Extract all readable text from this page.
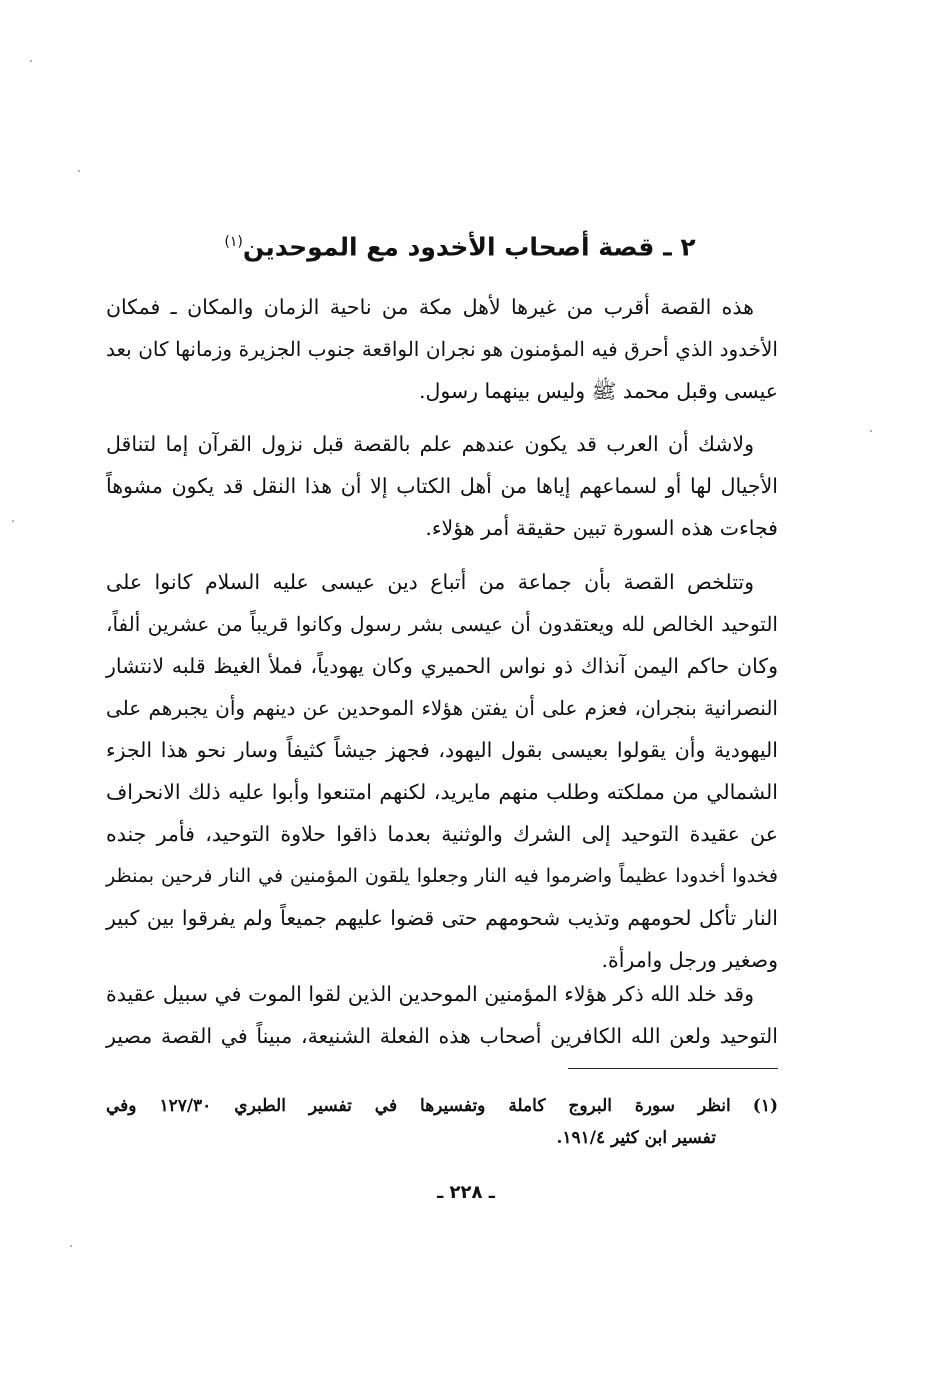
٢ ـ قصة أصحاب الأخدود مع الموحدين$^{(١)}$
هذه القصة أقرب من غيرها لأهل مكة من ناحية الزمان والمكان ـ فمكان
الأخدود الذي أحرق فيه المؤمنون هو نجران الواقعة جنوب الجزيرة وزمانها كان بعد
عيسى وقبل محمد ﷺ وليس بينهما رسول.
ولاشك أن العرب قد يكون عندهم علم بالقصة قبل نزول القرآن إما لتناقل
الأجيال لها أو لسماعهم إياها من أهل الكتاب إلا أن هذا النقل قد يكون مشوهاً
فجاءت هذه السورة تبين حقيقة أمر هؤلاء.
وتتلخص القصة بأن جماعة من أتباع دين عيسى عليه السلام كانوا على
التوحيد الخالص لله ويعتقدون أن عيسى بشر رسول وكانوا قريباً من عشرين ألفاً،
وكان حاكم اليمن آنذاك ذو نواس الحميري وكان يهودياً، فملأ الغيظ قلبه لانتشار
النصرانية بنجران، فعزم على أن يفتن هؤلاء الموحدين عن دينهم وأن يجبرهم على
اليهودية وأن يقولوا بعيسى بقول اليهود، فجهز جيشاً كثيفاً وسار نحو هذا الجزء
الشمالي من مملكته وطلب منهم مايريد، لكنهم امتنعوا وأبوا عليه ذلك الانحراف
عن عقيدة التوحيد إلى الشرك والوثنية بعدما ذاقوا حلاوة التوحيد، فأمر جنده
فخدوا أخدودا عظيماً واضرموا فيه النار وجعلوا يلقون المؤمنين في النار فرحين بمنظر
النار تأكل لحومهم وتذيب شحومهم حتى قضوا عليهم جميعاً ولم يفرقوا بين كبير
وصغير ورجل وامرأة.
وقد خلد الله ذكر هؤلاء المؤمنين الموحدين الذين لقوا الموت في سبيل عقيدة
التوحيد ولعن الله الكافرين أصحاب هذه الفعلة الشنيعة، مبيناً في القصة مصير
(١)انظر سورة البروج كاملة وتفسيرها في تفسير الطبري ١٢٧/٣٠ وفي
تفسير ابن كثير ١٩١/٤.
ـ ٢٢٨ ـ
